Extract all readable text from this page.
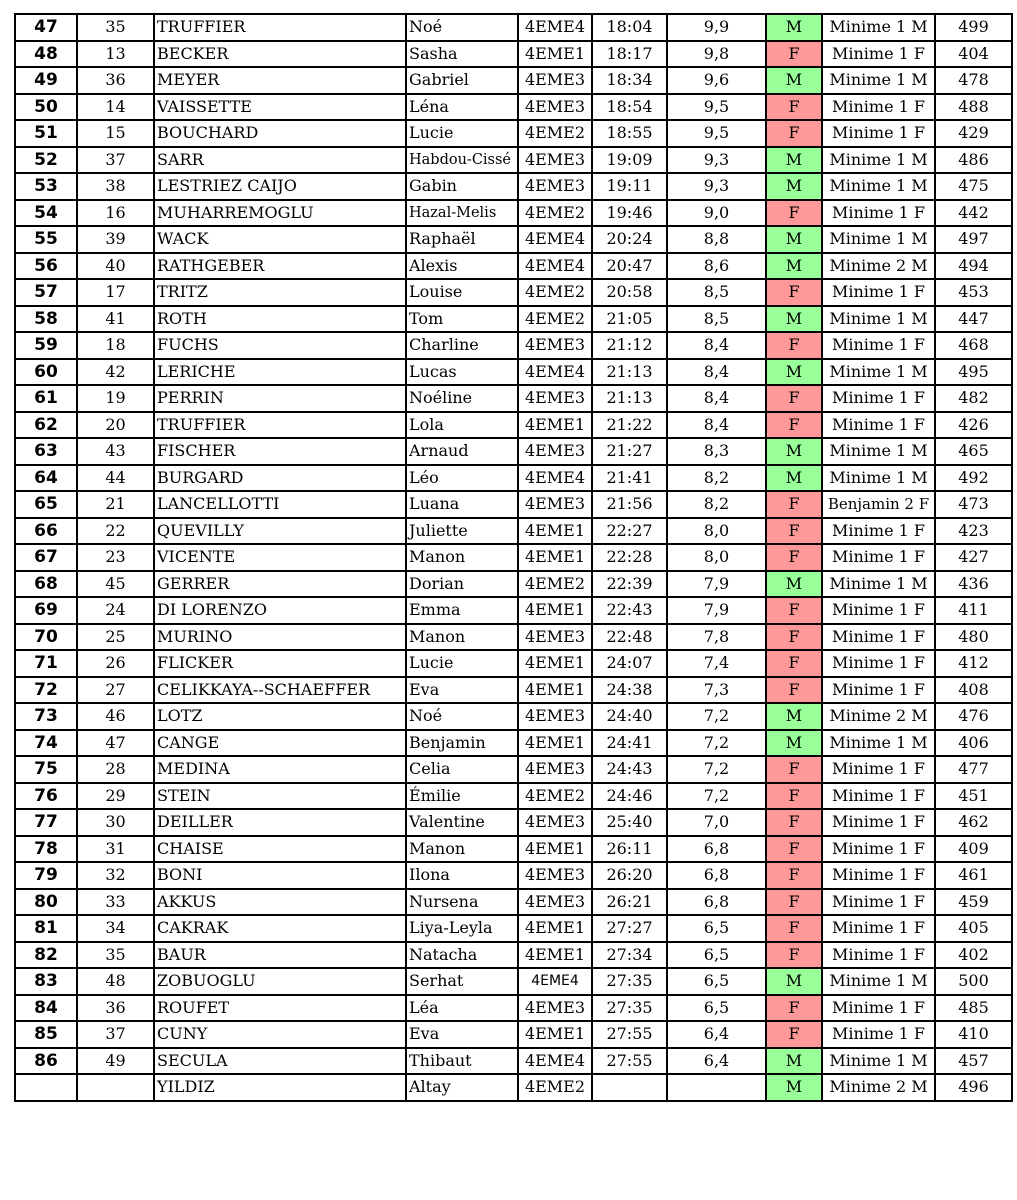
47	35	TRUFFIER	Noé	4EME4	18:04	9,9	M	Minime 1 M	499
48	13	BECKER	Sasha	4EME1	18:17	9,8	F	Minime 1 F	404
49	36	MEYER	Gabriel	4EME3	18:34	9,6	M	Minime 1 M	478
50	14	VAISSETTE	Léna	4EME3	18:54	9,5	F	Minime 1 F	488
51	15	BOUCHARD	Lucie	4EME2	18:55	9,5	F	Minime 1 F	429
52	37	SARR	Habdou-Cissé	4EME3	19:09	9,3	M	Minime 1 M	486
53	38	LESTRIEZ CAIJO	Gabin	4EME3	19:11	9,3	M	Minime 1 M	475
54	16	MUHARREMOGLU	Hazal-Melis	4EME2	19:46	9,0	F	Minime 1 F	442
55	39	WACK	Raphaël	4EME4	20:24	8,8	M	Minime 1 M	497
56	40	RATHGEBER	Alexis	4EME4	20:47	8,6	M	Minime 2 M	494
57	17	TRITZ	Louise	4EME2	20:58	8,5	F	Minime 1 F	453
58	41	ROTH	Tom	4EME2	21:05	8,5	M	Minime 1 M	447
59	18	FUCHS	Charline	4EME3	21:12	8,4	F	Minime 1 F	468
60	42	LERICHE	Lucas	4EME4	21:13	8,4	M	Minime 1 M	495
61	19	PERRIN	Noéline	4EME3	21:13	8,4	F	Minime 1 F	482
62	20	TRUFFIER	Lola	4EME1	21:22	8,4	F	Minime 1 F	426
63	43	FISCHER	Arnaud	4EME3	21:27	8,3	M	Minime 1 M	465
64	44	BURGARD	Léo	4EME4	21:41	8,2	M	Minime 1 M	492
65	21	LANCELLOTTI	Luana	4EME3	21:56	8,2	F	Benjamin 2 F	473
66	22	QUEVILLY	Juliette	4EME1	22:27	8,0	F	Minime 1 F	423
67	23	VICENTE	Manon	4EME1	22:28	8,0	F	Minime 1 F	427
68	45	GERRER	Dorian	4EME2	22:39	7,9	M	Minime 1 M	436
69	24	DI LORENZO	Emma	4EME1	22:43	7,9	F	Minime 1 F	411
70	25	MURINO	Manon	4EME3	22:48	7,8	F	Minime 1 F	480
71	26	FLICKER	Lucie	4EME1	24:07	7,4	F	Minime 1 F	412
72	27	CELIKKAYA--SCHAEFFER	Eva	4EME1	24:38	7,3	F	Minime 1 F	408
73	46	LOTZ	Noé	4EME3	24:40	7,2	M	Minime 2 M	476
74	47	CANGE	Benjamin	4EME1	24:41	7,2	M	Minime 1 M	406
75	28	MEDINA	Celia	4EME3	24:43	7,2	F	Minime 1 F	477
76	29	STEIN	Émilie	4EME2	24:46	7,2	F	Minime 1 F	451
77	30	DEILLER	Valentine	4EME3	25:40	7,0	F	Minime 1 F	462
78	31	CHAISE	Manon	4EME1	26:11	6,8	F	Minime 1 F	409
79	32	BONI	Ilona	4EME3	26:20	6,8	F	Minime 1 F	461
80	33	AKKUS	Nursena	4EME3	26:21	6,8	F	Minime 1 F	459
81	34	CAKRAK	Liya-Leyla	4EME1	27:27	6,5	F	Minime 1 F	405
82	35	BAUR	Natacha	4EME1	27:34	6,5	F	Minime 1 F	402
83	48	ZOBUOGLU	Serhat	4EME4	27:35	6,5	M	Minime 1 M	500
84	36	ROUFET	Léa	4EME3	27:35	6,5	F	Minime 1 F	485
85	37	CUNY	Eva	4EME1	27:55	6,4	F	Minime 1 F	410
86	49	SECULA	Thibaut	4EME4	27:55	6,4	M	Minime 1 M	457
		YILDIZ	Altay	4EME2			M	Minime 2 M	496
